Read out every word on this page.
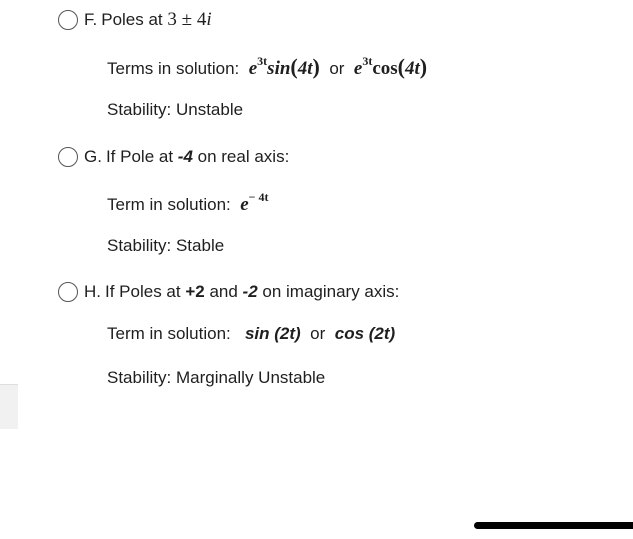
F. Poles at 3 ± 4i
Terms in solution:  $e^{3t}\sin(4t)$  or  $e^{3t}\cos(4t)$
Stability: Unstable
G. If Pole at -4 on real axis:
Term in solution:  $e^{- 4t}$
Stability: Stable
H. If Poles at +2 and -2 on imaginary axis:
Term in solution:   sin (2t)  or  cos (2t)
Stability: Marginally Unstable
